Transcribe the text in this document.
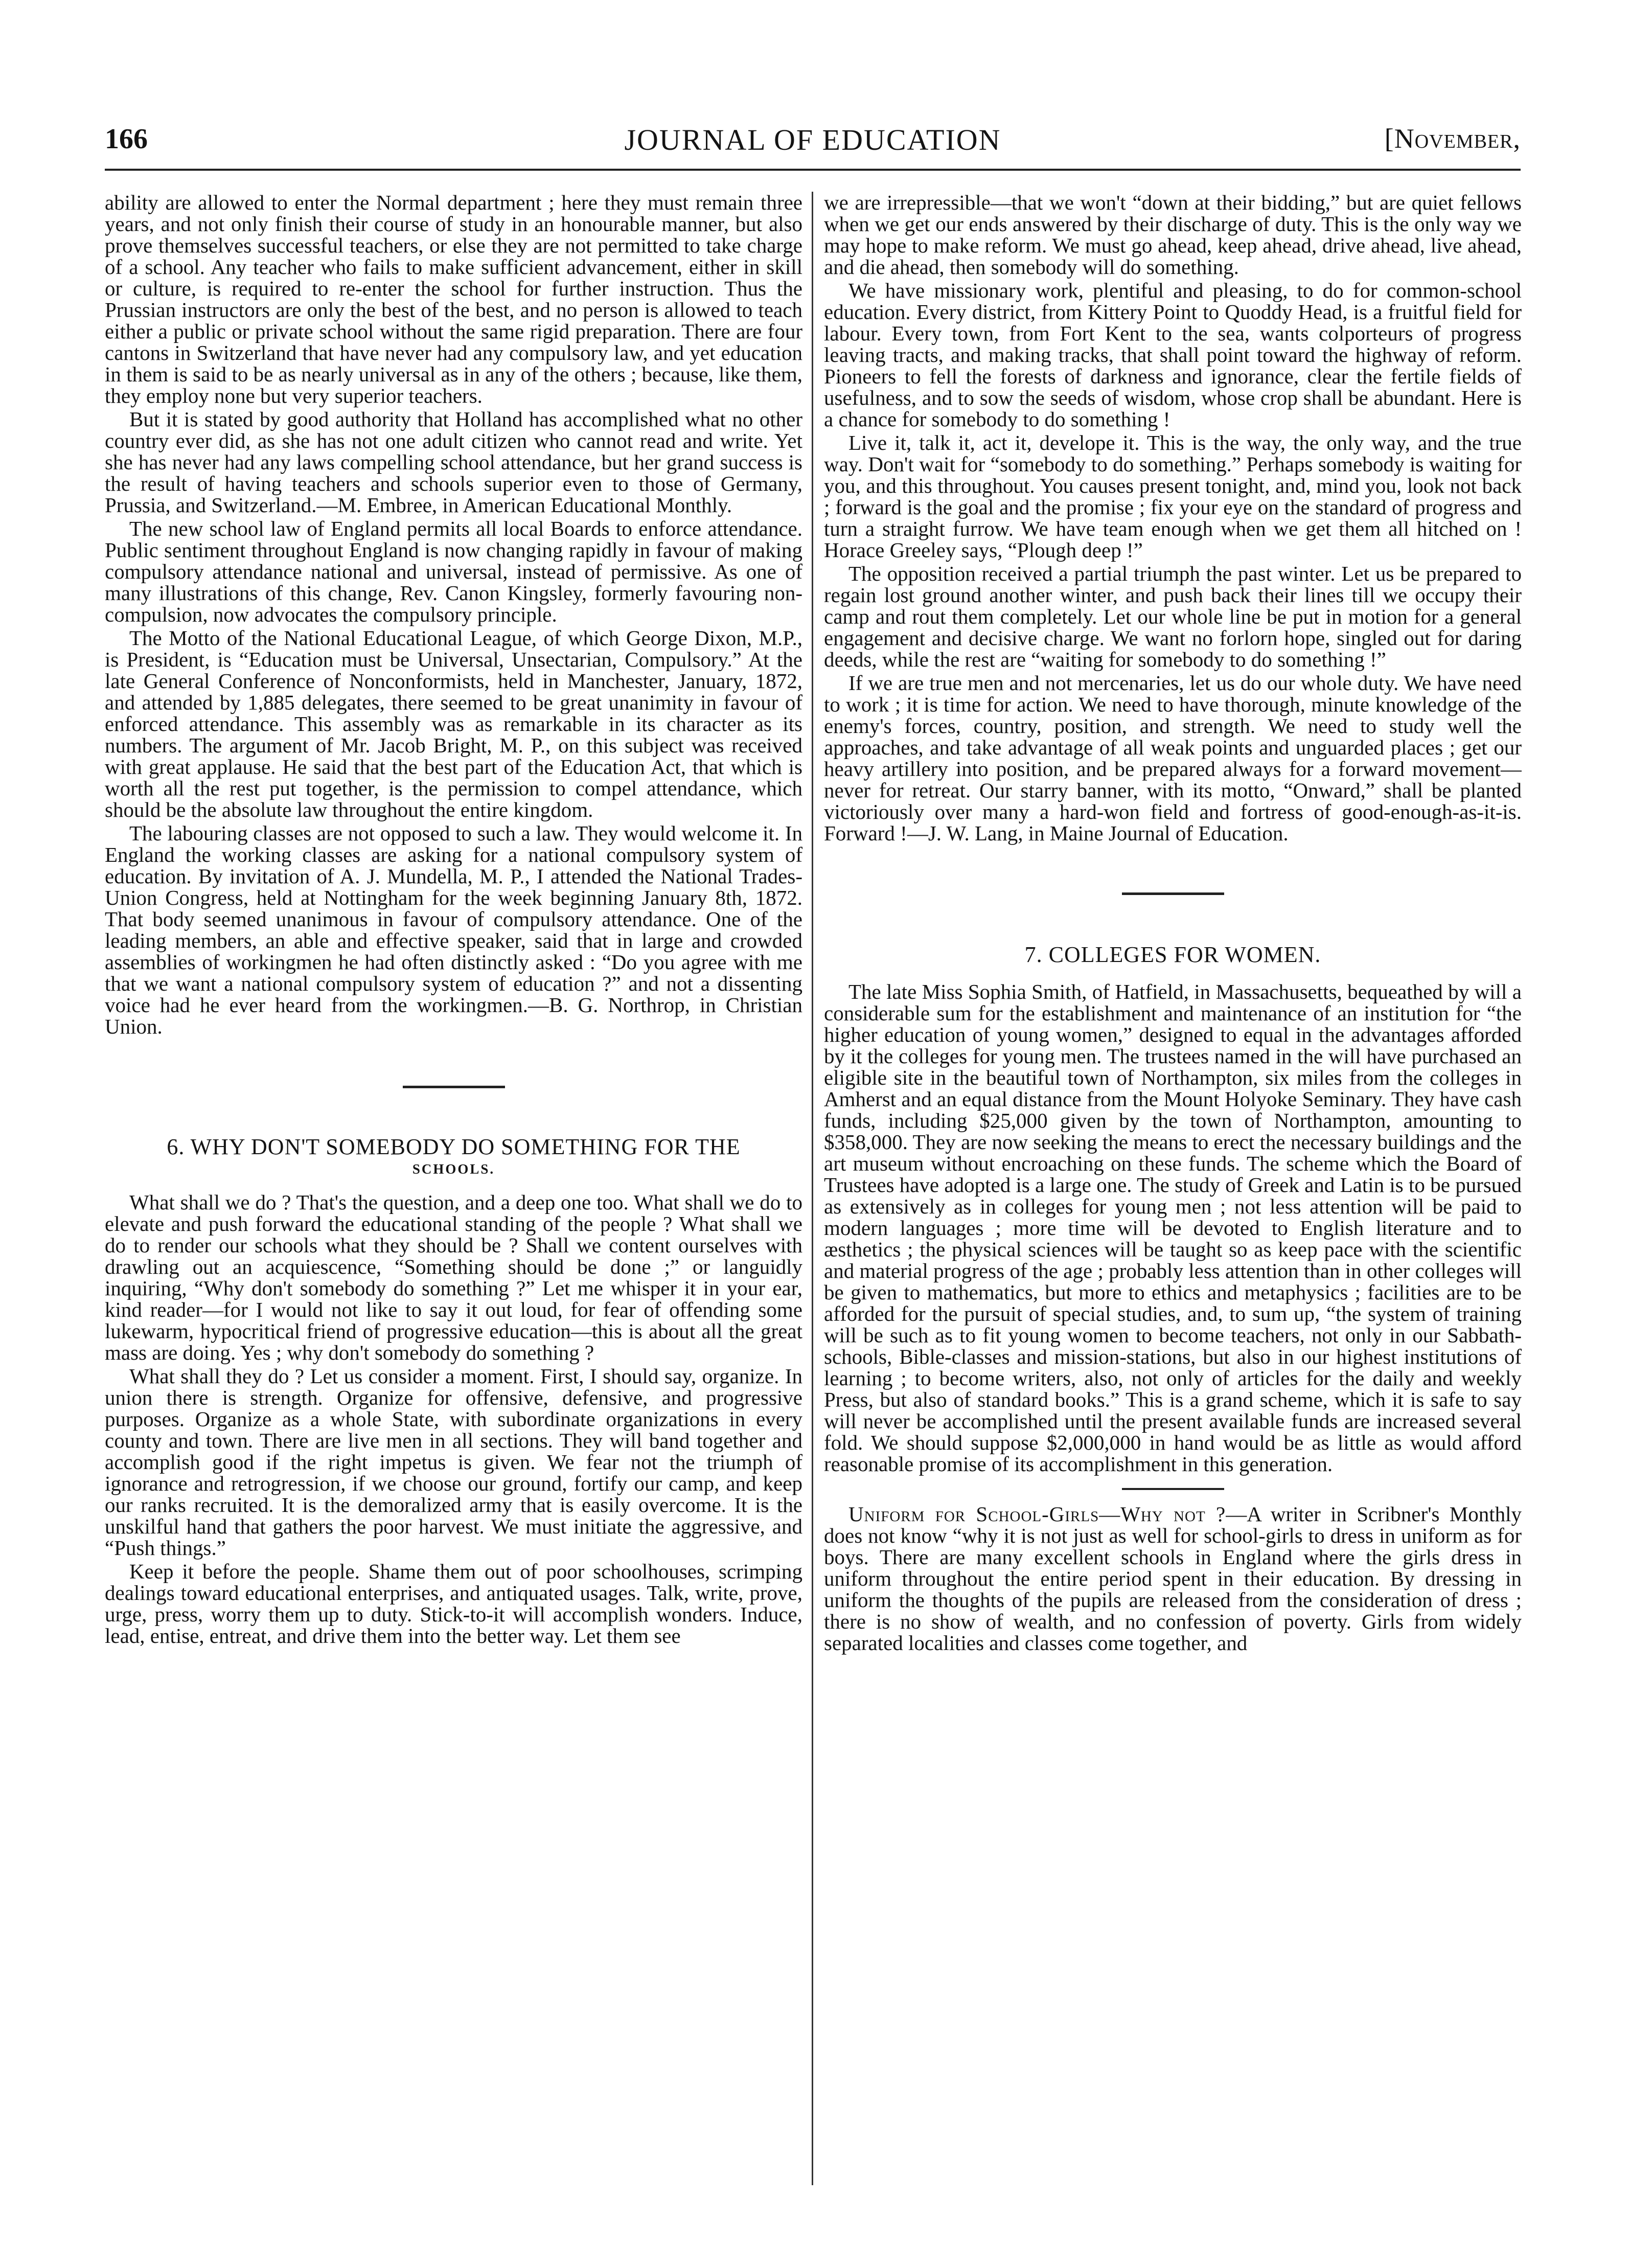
166	JOURNAL OF EDUCATION	[November,

ability are allowed to enter the Normal department ; here they must remain three years, and not only finish their course of study in an honourable manner, but also prove themselves successful teachers, or else they are not permitted to take charge of a school. Any teacher who fails to make sufficient advancement, either in skill or culture, is required to re-enter the school for further instruction. Thus the Prussian instructors are only the best of the best, and no person is allowed to teach either a public or private school without the same rigid preparation. There are four cantons in Switzerland that have never had any compulsory law, and yet education in them is said to be as nearly universal as in any of the others ; because, like them, they employ none but very superior teachers.

But it is stated by good authority that Holland has accomplished what no other country ever did, as she has not one adult citizen who cannot read and write. Yet she has never had any laws compelling school attendance, but her grand success is the result of having teachers and schools superior even to those of Germany, Prussia, and Switzerland.—M. Embree, in American Educational Monthly.

The new school law of England permits all local Boards to enforce attendance. Public sentiment throughout England is now changing rapidly in favour of making compulsory attendance national and universal, instead of permissive. As one of many illustrations of this change, Rev. Canon Kingsley, formerly favouring non-compulsion, now advocates the compulsory principle.

The Motto of the National Educational League, of which George Dixon, M.P., is President, is “Education must be Universal, Unsectarian, Compulsory.” At the late General Conference of Nonconformists, held in Manchester, January, 1872, and attended by 1,885 delegates, there seemed to be great unanimity in favour of enforced attendance. This assembly was as remarkable in its character as its numbers. The argument of Mr. Jacob Bright, M. P., on this subject was received with great applause. He said that the best part of the Education Act, that which is worth all the rest put together, is the permission to compel attendance, which should be the absolute law throughout the entire kingdom.

The labouring classes are not opposed to such a law. They would welcome it. In England the working classes are asking for a national compulsory system of education. By invitation of A. J. Mundella, M. P., I attended the National Trades-Union Congress, held at Nottingham for the week beginning January 8th, 1872. That body seemed unanimous in favour of compulsory attendance. One of the leading members, an able and effective speaker, said that in large and crowded assemblies of workingmen he had often distinctly asked : “Do you agree with me that we want a national compulsory system of education ?” and not a dissenting voice had he ever heard from the workingmen.—B. G. Northrop, in Christian Union.

6. WHY DON'T SOMEBODY DO SOMETHING FOR THE
SCHOOLS.

What shall we do ? That's the question, and a deep one too. What shall we do to elevate and push forward the educational standing of the people ? What shall we do to render our schools what they should be ? Shall we content ourselves with drawling out an acquiescence, “Something should be done ;” or languidly inquiring, “Why don't somebody do something ?” Let me whisper it in your ear, kind reader—for I would not like to say it out loud, for fear of offending some lukewarm, hypocritical friend of progressive education—this is about all the great mass are doing. Yes ; why don't somebody do something ?

What shall they do ? Let us consider a moment. First, I should say, organize. In union there is strength. Organize for offensive, defensive, and progressive purposes. Organize as a whole State, with subordinate organizations in every county and town. There are live men in all sections. They will band together and accomplish good if the right impetus is given. We fear not the triumph of ignorance and retrogression, if we choose our ground, fortify our camp, and keep our ranks recruited. It is the demoralized army that is easily overcome. It is the unskilful hand that gathers the poor harvest. We must initiate the aggressive, and “Push things.”

Keep it before the people. Shame them out of poor schoolhouses, scrimping dealings toward educational enterprises, and antiquated usages. Talk, write, prove, urge, press, worry them up to duty. Stick-to-it will accomplish wonders. Induce, lead, entise, entreat, and drive them into the better way. Let them see

we are irrepressible—that we won't “down at their bidding,” but are quiet fellows when we get our ends answered by their discharge of duty. This is the only way we may hope to make reform. We must go ahead, keep ahead, drive ahead, live ahead, and die ahead, then somebody will do something.

We have missionary work, plentiful and pleasing, to do for common-school education. Every district, from Kittery Point to Quoddy Head, is a fruitful field for labour. Every town, from Fort Kent to the sea, wants colporteurs of progress leaving tracts, and making tracks, that shall point toward the highway of reform. Pioneers to fell the forests of darkness and ignorance, clear the fertile fields of usefulness, and to sow the seeds of wisdom, whose crop shall be abundant. Here is a chance for somebody to do something !

Live it, talk it, act it, develope it. This is the way, the only way, and the true way. Don't wait for “somebody to do something.” Perhaps somebody is waiting for you, and this throughout. You causes present tonight, and, mind you, look not back ; forward is the goal and the promise ; fix your eye on the standard of progress and turn a straight furrow. We have team enough when we get them all hitched on ! Horace Greeley says, “Plough deep !”

The opposition received a partial triumph the past winter. Let us be prepared to regain lost ground another winter, and push back their lines till we occupy their camp and rout them completely. Let our whole line be put in motion for a general engagement and decisive charge. We want no forlorn hope, singled out for daring deeds, while the rest are “waiting for somebody to do something !”

If we are true men and not mercenaries, let us do our whole duty. We have need to work ; it is time for action. We need to have thorough, minute knowledge of the enemy's forces, country, position, and strength. We need to study well the approaches, and take advantage of all weak points and unguarded places ; get our heavy artillery into position, and be prepared always for a forward movement—never for retreat. Our starry banner, with its motto, “Onward,” shall be planted victoriously over many a hard-won field and fortress of good-enough-as-it-is. Forward !—J. W. Lang, in Maine Journal of Education.

7. COLLEGES FOR WOMEN.

The late Miss Sophia Smith, of Hatfield, in Massachusetts, bequeathed by will a considerable sum for the establishment and maintenance of an institution for “the higher education of young women,” designed to equal in the advantages afforded by it the colleges for young men. The trustees named in the will have purchased an eligible site in the beautiful town of Northampton, six miles from the colleges in Amherst and an equal distance from the Mount Holyoke Seminary. They have cash funds, including $25,000 given by the town of Northampton, amounting to $358,000. They are now seeking the means to erect the necessary buildings and the art museum without encroaching on these funds. The scheme which the Board of Trustees have adopted is a large one. The study of Greek and Latin is to be pursued as extensively as in colleges for young men ; not less attention will be paid to modern languages ; more time will be devoted to English literature and to æsthetics ; the physical sciences will be taught so as keep pace with the scientific and material progress of the age ; probably less attention than in other colleges will be given to mathematics, but more to ethics and metaphysics ; facilities are to be afforded for the pursuit of special studies, and, to sum up, “the system of training will be such as to fit young women to become teachers, not only in our Sabbath-schools, Bible-classes and mission-stations, but also in our highest institutions of learning ; to become writers, also, not only of articles for the daily and weekly Press, but also of standard books.” This is a grand scheme, which it is safe to say will never be accomplished until the present available funds are increased several fold. We should suppose $2,000,000 in hand would be as little as would afford reasonable promise of its accomplishment in this generation.

Uniform for School-Girls—Why not ?—A writer in Scribner's Monthly does not know “why it is not just as well for school-girls to dress in uniform as for boys. There are many excellent schools in England where the girls dress in uniform throughout the entire period spent in their education. By dressing in uniform the thoughts of the pupils are released from the consideration of dress ; there is no show of wealth, and no confession of poverty. Girls from widely separated localities and classes come together, and
